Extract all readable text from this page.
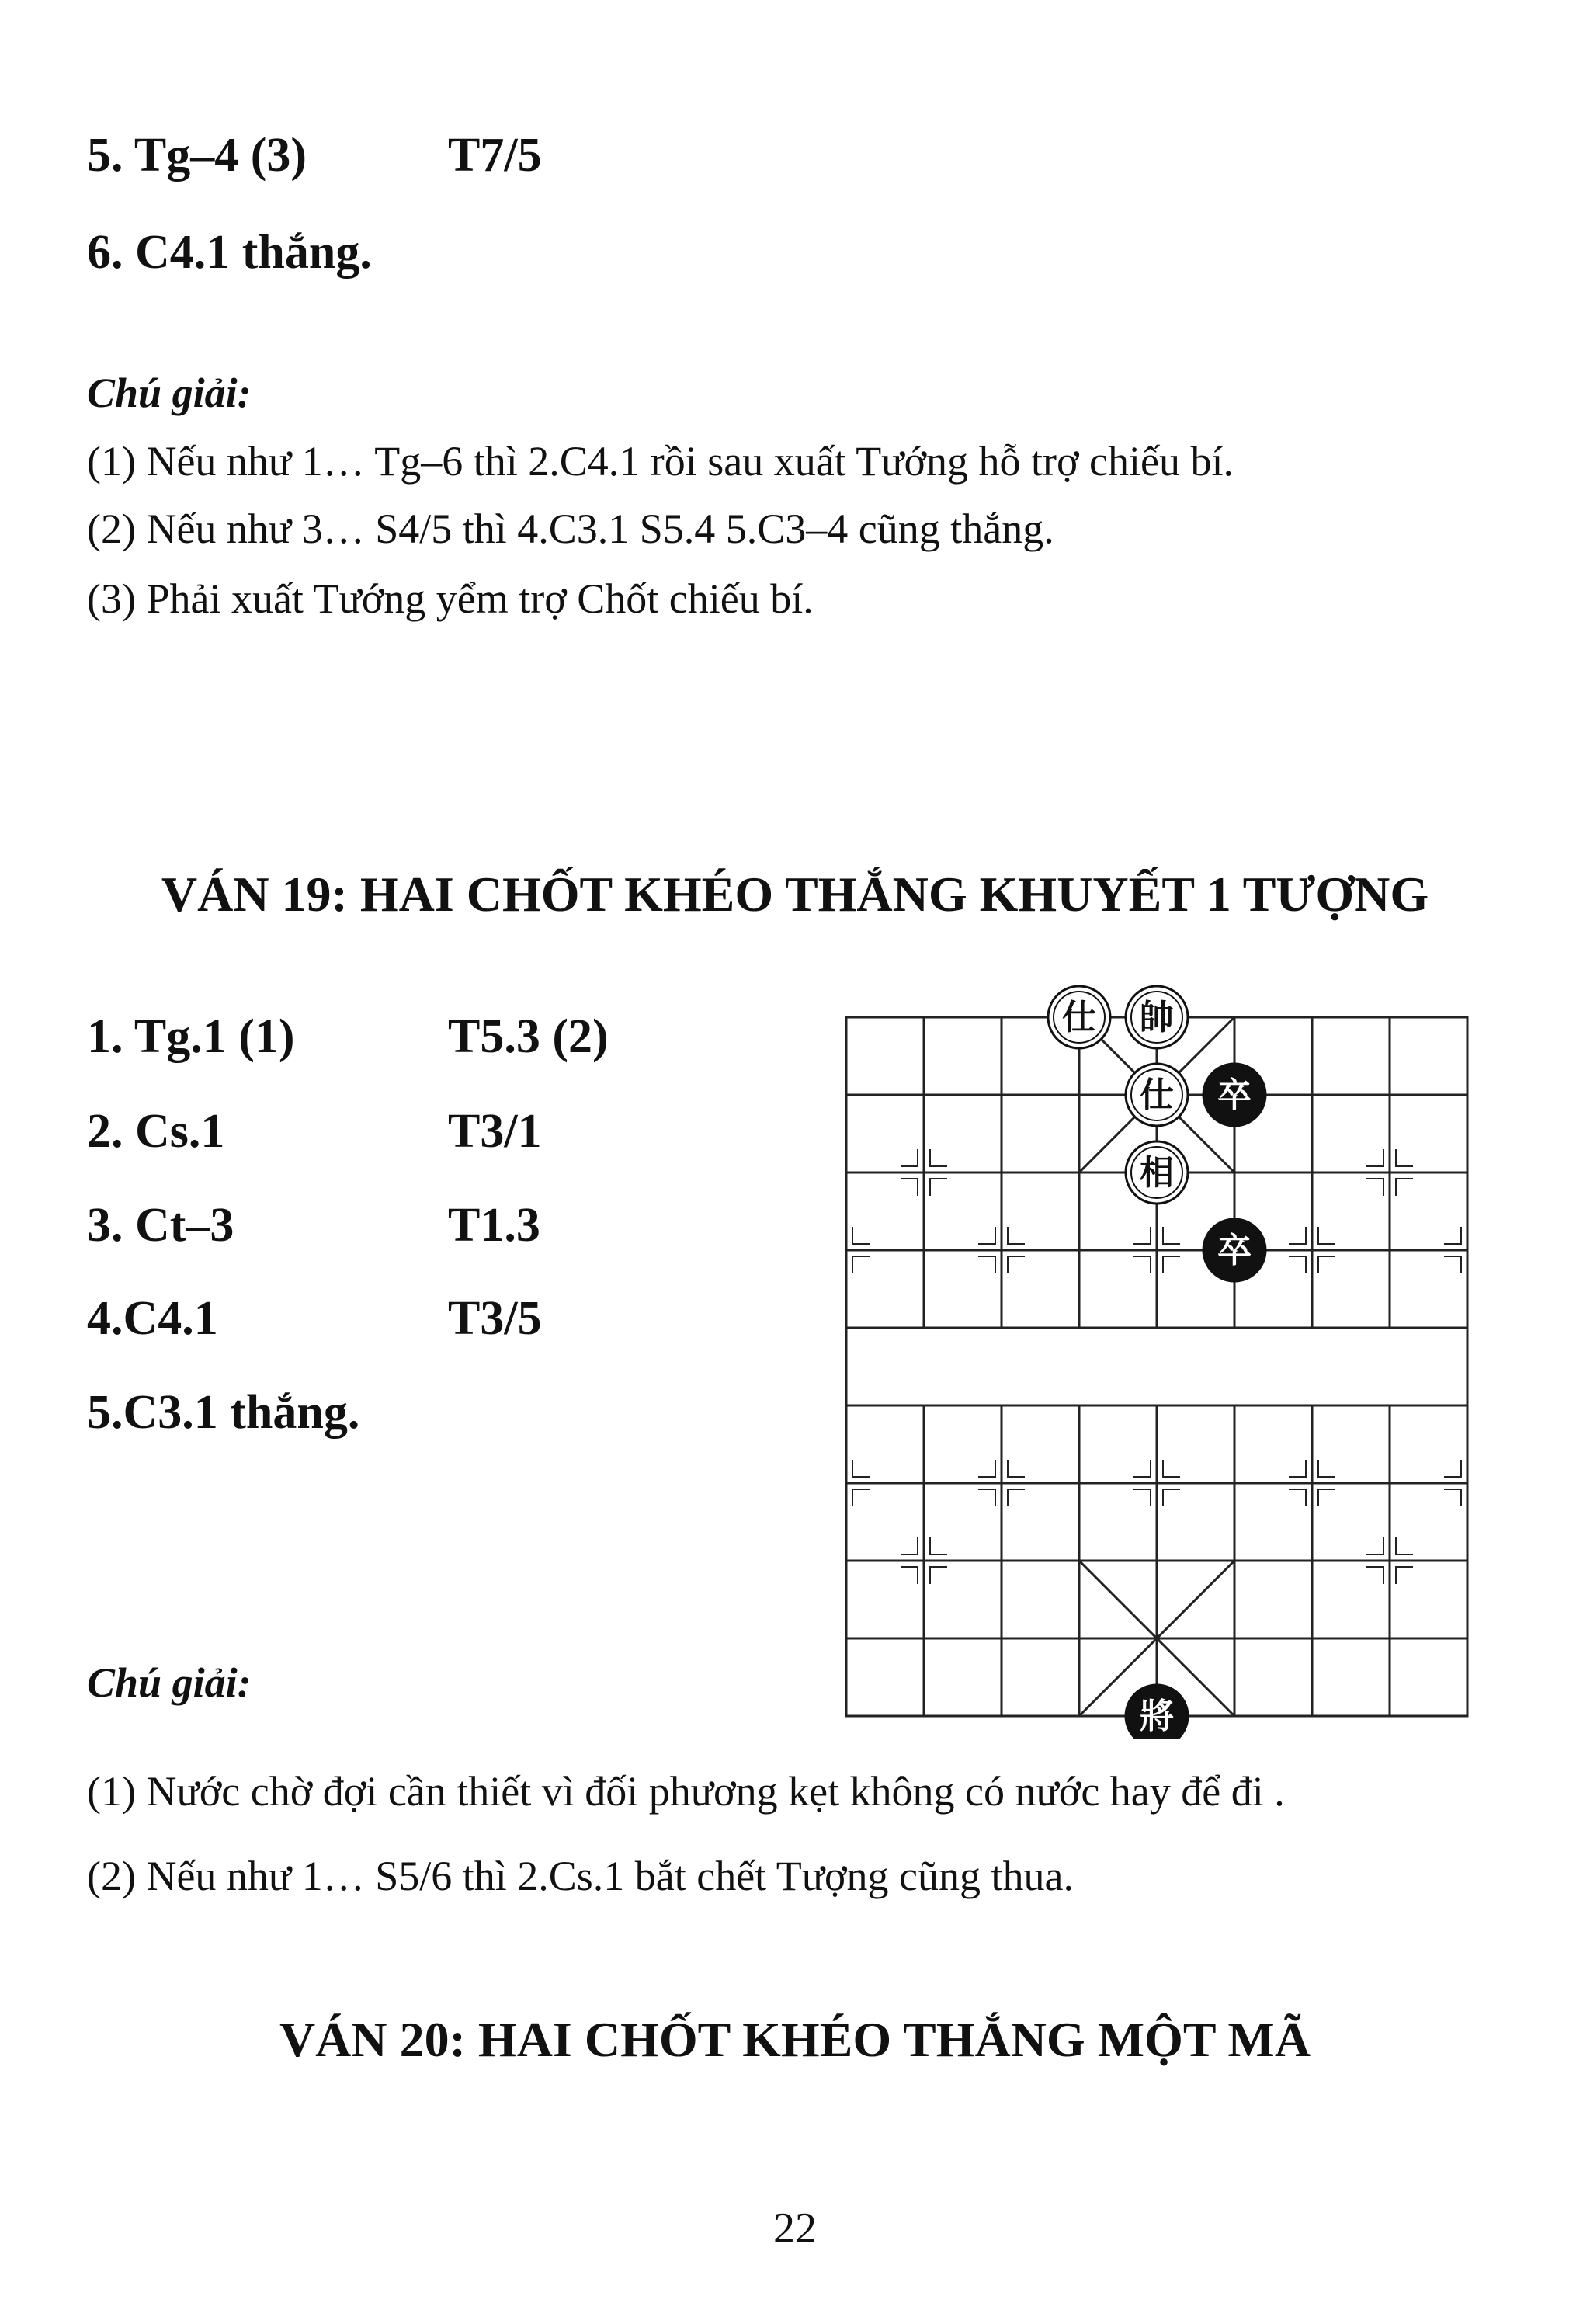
5. Tg–4 (3)	T7/5
6. C4.1 thắng.
Chú giải:
(1) Nếu như 1… Tg–6 thì 2.C4.1 rồi sau xuất Tướng hỗ trợ chiếu bí.
(2) Nếu như 3… S4/5 thì 4.C3.1 S5.4 5.C3–4 cũng thắng.
(3) Phải xuất Tướng yểm trợ Chốt chiếu bí.
VÁN 19: HAI CHỐT KHÉO THẮNG KHUYẾT 1 TƯỢNG
1. Tg.1 (1)	T5.3 (2)
2. Cs.1	T3/1
3. Ct–3	T1.3
4.C4.1	T3/5
5.C3.1 thắng.
仕 帥
仕 卒
相
卒
將
Chú giải:
(1) Nước chờ đợi cần thiết vì đối phương kẹt không có nước hay để đi .
(2) Nếu như 1… S5/6 thì 2.Cs.1 bắt chết Tượng cũng thua.
VÁN 20: HAI CHỐT KHÉO THẮNG MỘT MÃ
22
